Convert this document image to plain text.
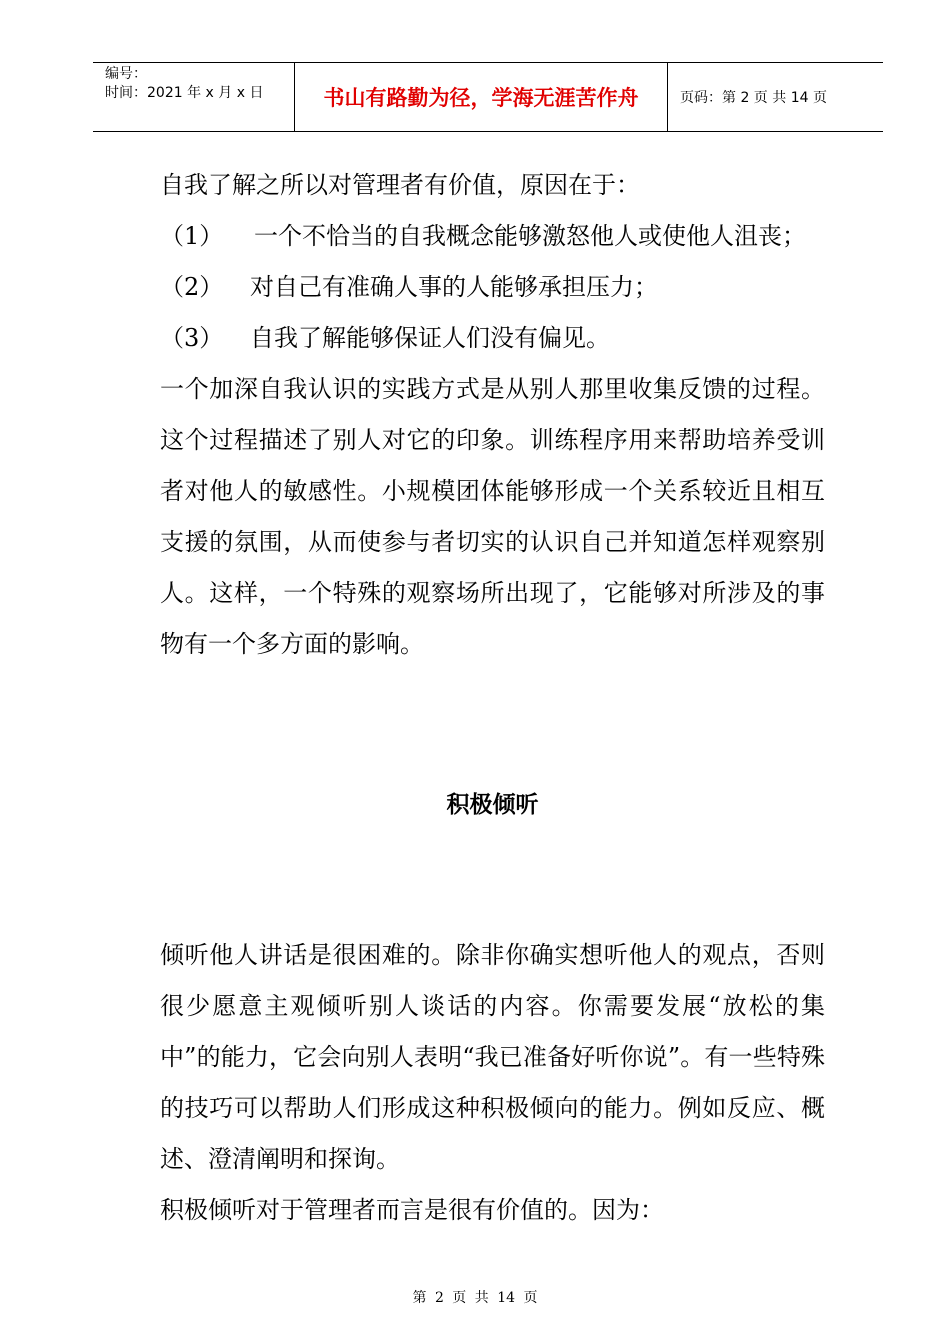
编号：
时间：2021 年 x 月 x 日	书山有路勤为径，学海无涯苦作舟	页码：第 2 页 共 14 页

自我了解之所以对管理者有价值，原因在于：

（1） 一个不恰当的自我概念能够激怒他人或使他人沮丧；

（2） 对自己有准确人事的人能够承担压力；

（3） 自我了解能够保证人们没有偏见。

一个加深自我认识的实践方式是从别人那里收集反馈的过程。这个过程描述了别人对它的印象。训练程序用来帮助培养受训者对他人的敏感性。小规模团体能够形成一个关系较近且相互支援的氛围，从而使参与者切实的认识自己并知道怎样观察别人。这样，一个特殊的观察场所出现了，它能够对所涉及的事物有一个多方面的影响。

积极倾听

倾听他人讲话是很困难的。除非你确实想听他人的观点，否则很少愿意主观倾听别人谈话的内容。你需要发展“放松的集中”的能力，它会向别人表明“我已准备好听你说”。有一些特殊的技巧可以帮助人们形成这种积极倾向的能力。例如反应、概述、澄清阐明和探询。

积极倾听对于管理者而言是很有价值的。因为：

第 2 页 共 14 页
